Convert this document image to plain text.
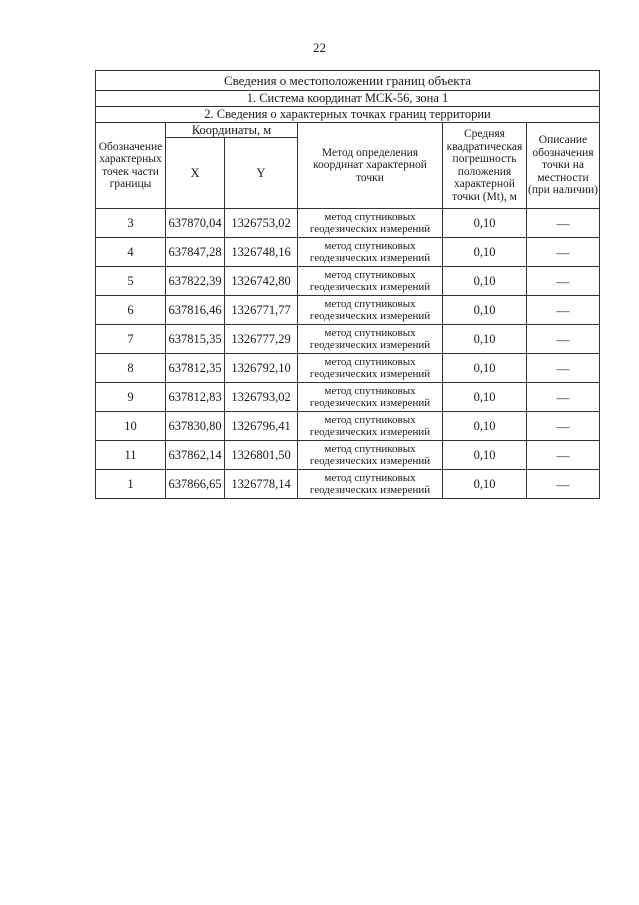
22
Сведения о местоположении границ объекта					
1. Система координат МСК-56, зона 1					
2. Сведения о характерных точках границ территории					
Обозначение характерных точек части границы	Координаты, м		Метод определения координат характерной точки	Средняя квадратическая погрешность положения характерной точки (Mt), м	Описание обозначения точки на местности (при наличии)
	X	Y			
3	637870,04	1326753,02	метод спутниковых геодезических измерений	0,10	—
4	637847,28	1326748,16	метод спутниковых геодезических измерений	0,10	—
5	637822,39	1326742,80	метод спутниковых геодезических измерений	0,10	—
6	637816,46	1326771,77	метод спутниковых геодезических измерений	0,10	—
7	637815,35	1326777,29	метод спутниковых геодезических измерений	0,10	—
8	637812,35	1326792,10	метод спутниковых геодезических измерений	0,10	—
9	637812,83	1326793,02	метод спутниковых геодезических измерений	0,10	—
10	637830,80	1326796,41	метод спутниковых геодезических измерений	0,10	—
11	637862,14	1326801,50	метод спутниковых геодезических измерений	0,10	—
1	637866,65	1326778,14	метод спутниковых геодезических измерений	0,10	—
